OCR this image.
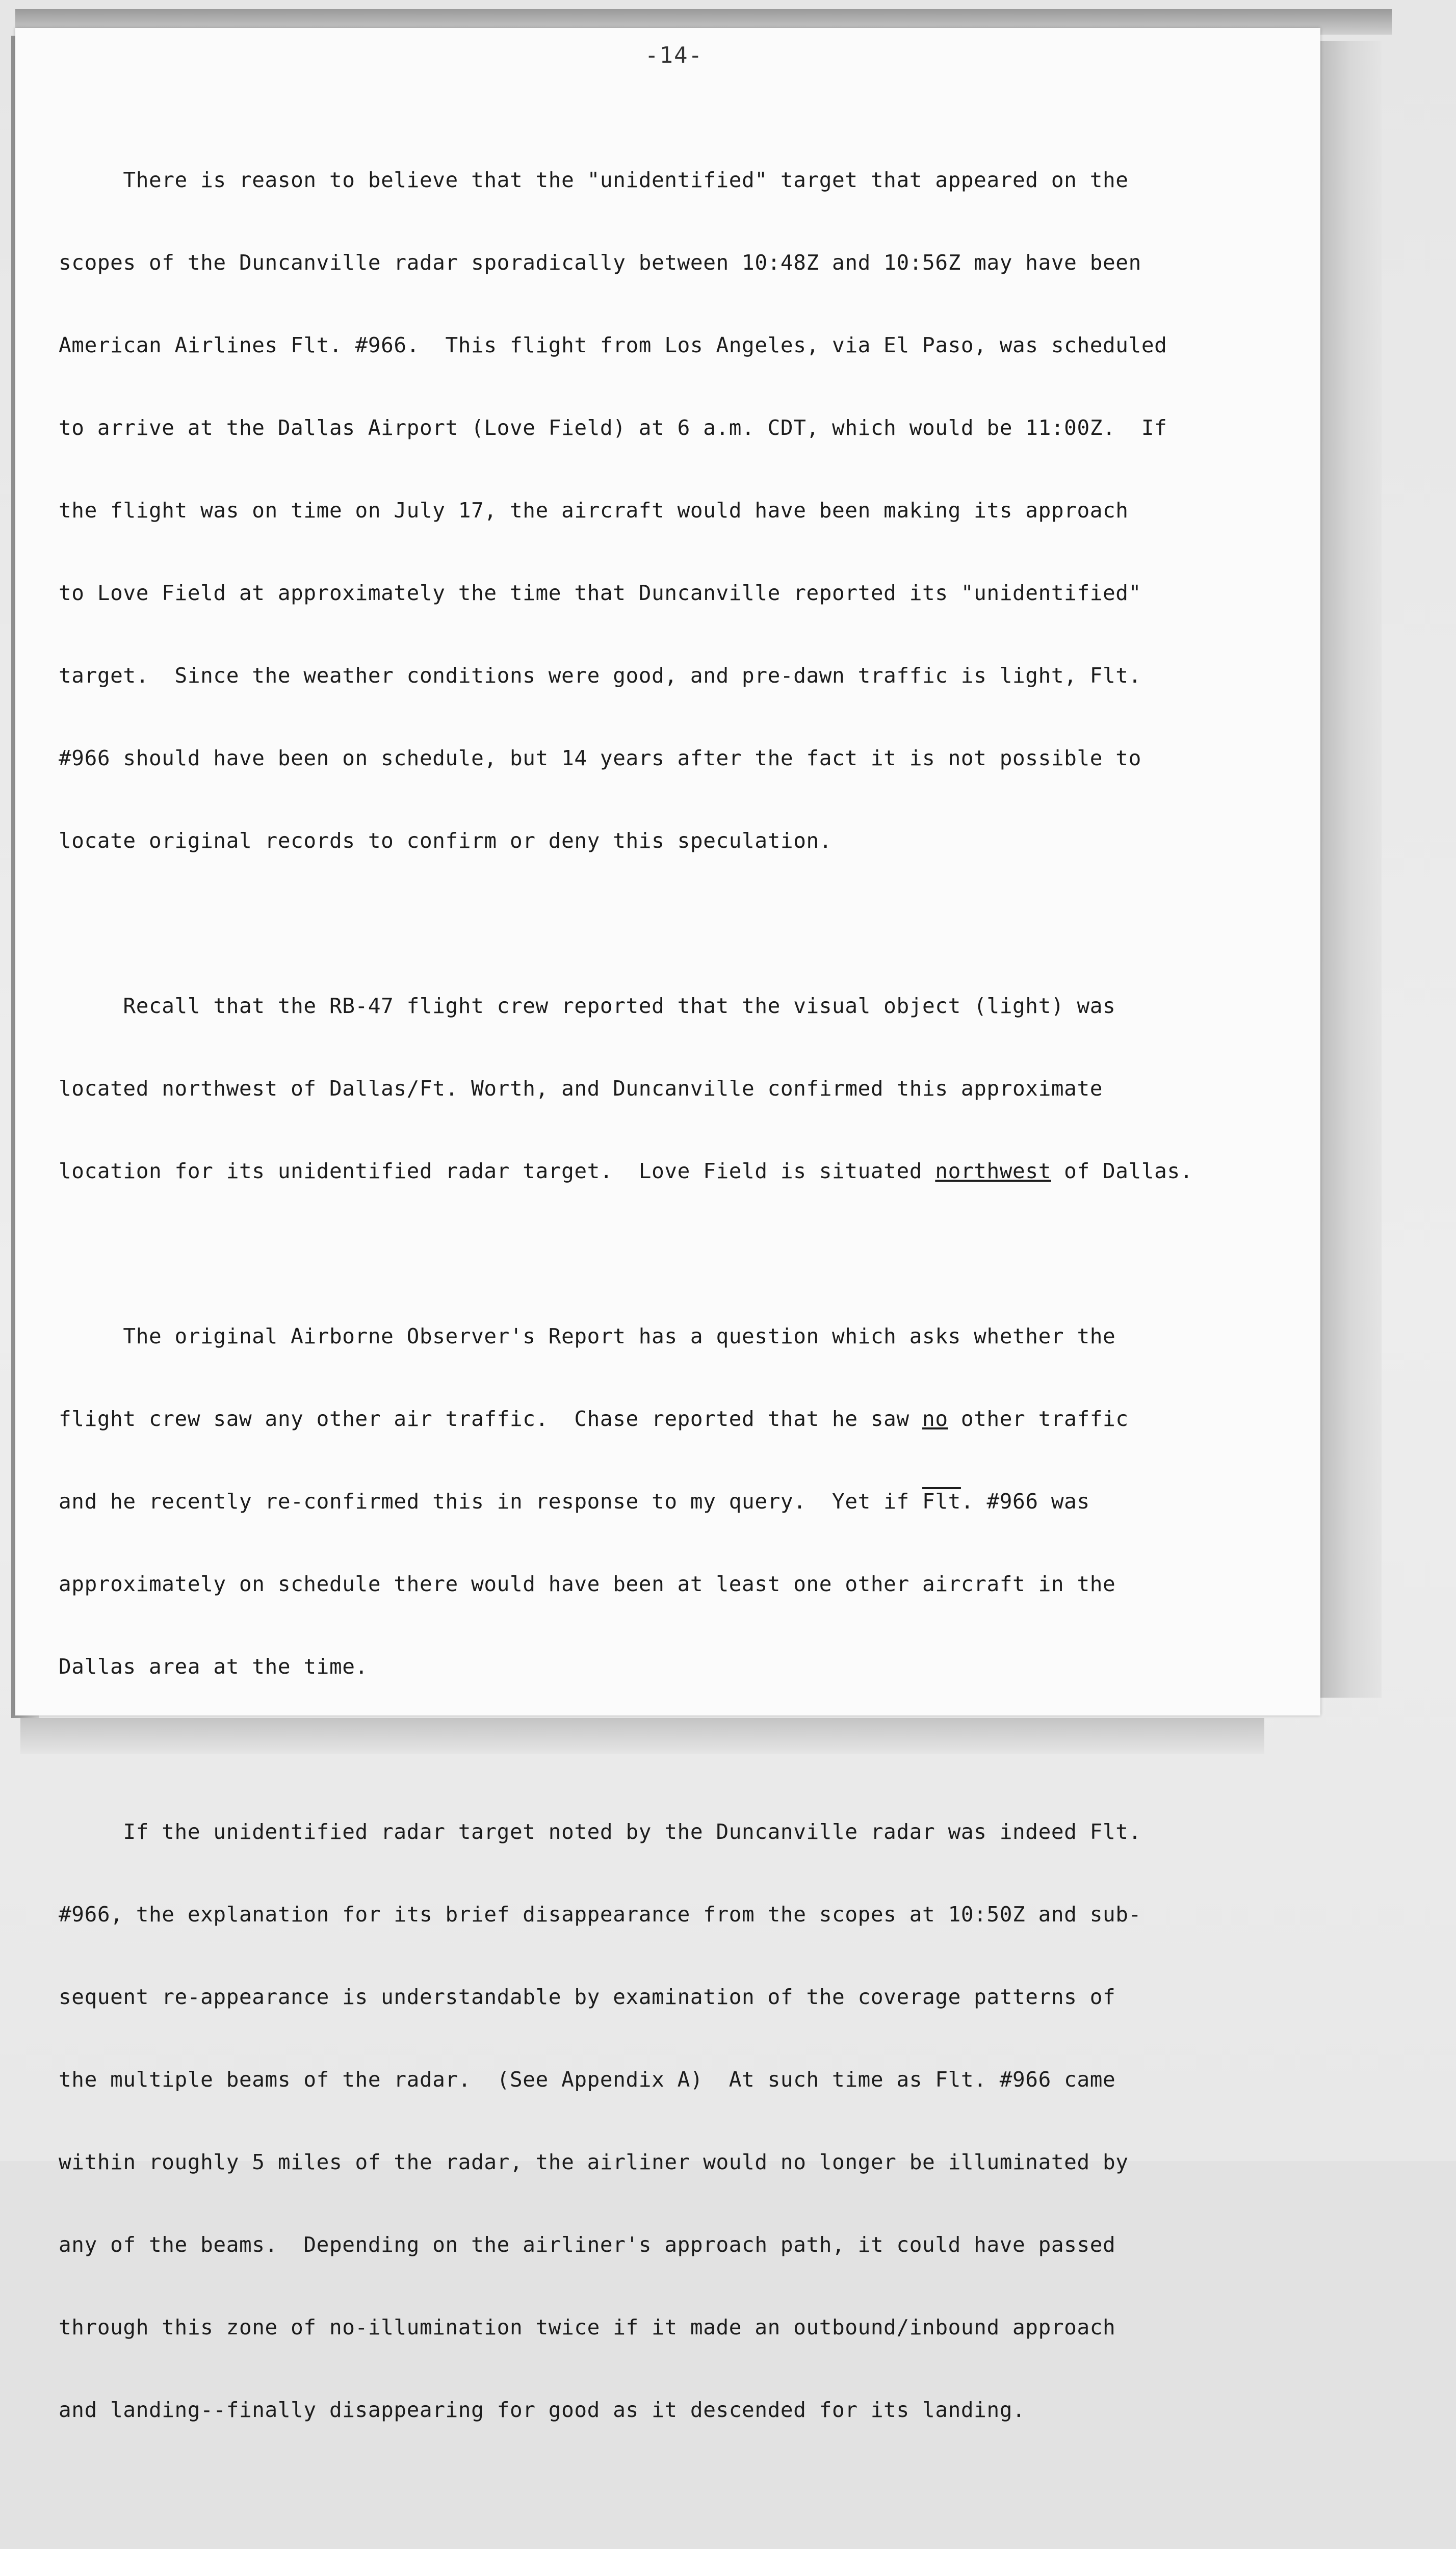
-14-

There is reason to believe that the "unidentified" target that appeared on the

scopes of the Duncanville radar sporadically between 10:48Z and 10:56Z may have been

American Airlines Flt. #966.  This flight from Los Angeles, via El Paso, was scheduled

to arrive at the Dallas Airport (Love Field) at 6 a.m. CDT, which would be 11:00Z.  If

the flight was on time on July 17, the aircraft would have been making its approach

to Love Field at approximately the time that Duncanville reported its "unidentified"

target.  Since the weather conditions were good, and pre-dawn traffic is light, Flt.

#966 should have been on schedule, but 14 years after the fact it is not possible to

locate original records to confirm or deny this speculation.

Recall that the RB-47 flight crew reported that the visual object (light) was

located northwest of Dallas/Ft. Worth, and Duncanville confirmed this approximate

location for its unidentified radar target.  Love Field is situated northwest of Dallas.

The original Airborne Observer's Report has a question which asks whether the

flight crew saw any other air traffic.  Chase reported that he saw no other traffic

and he recently re-confirmed this in response to my query.  Yet if $\overline{Flt}$. #966 was

approximately on schedule there would have been at least one other aircraft in the

Dallas area at the time.

If the unidentified radar target noted by the Duncanville radar was indeed Flt.

#966, the explanation for its brief disappearance from the scopes at 10:50Z and sub-

sequent re-appearance is understandable by examination of the coverage patterns of

the multiple beams of the radar.  (See Appendix A)  At such time as Flt. #966 came

within roughly 5 miles of the radar, the airliner would no longer be illuminated by

any of the beams.  Depending on the airliner's approach path, it could have passed

through this zone of no-illumination twice if it made an outbound/inbound approach

and landing--finally disappearing for good as it descended for its landing.
